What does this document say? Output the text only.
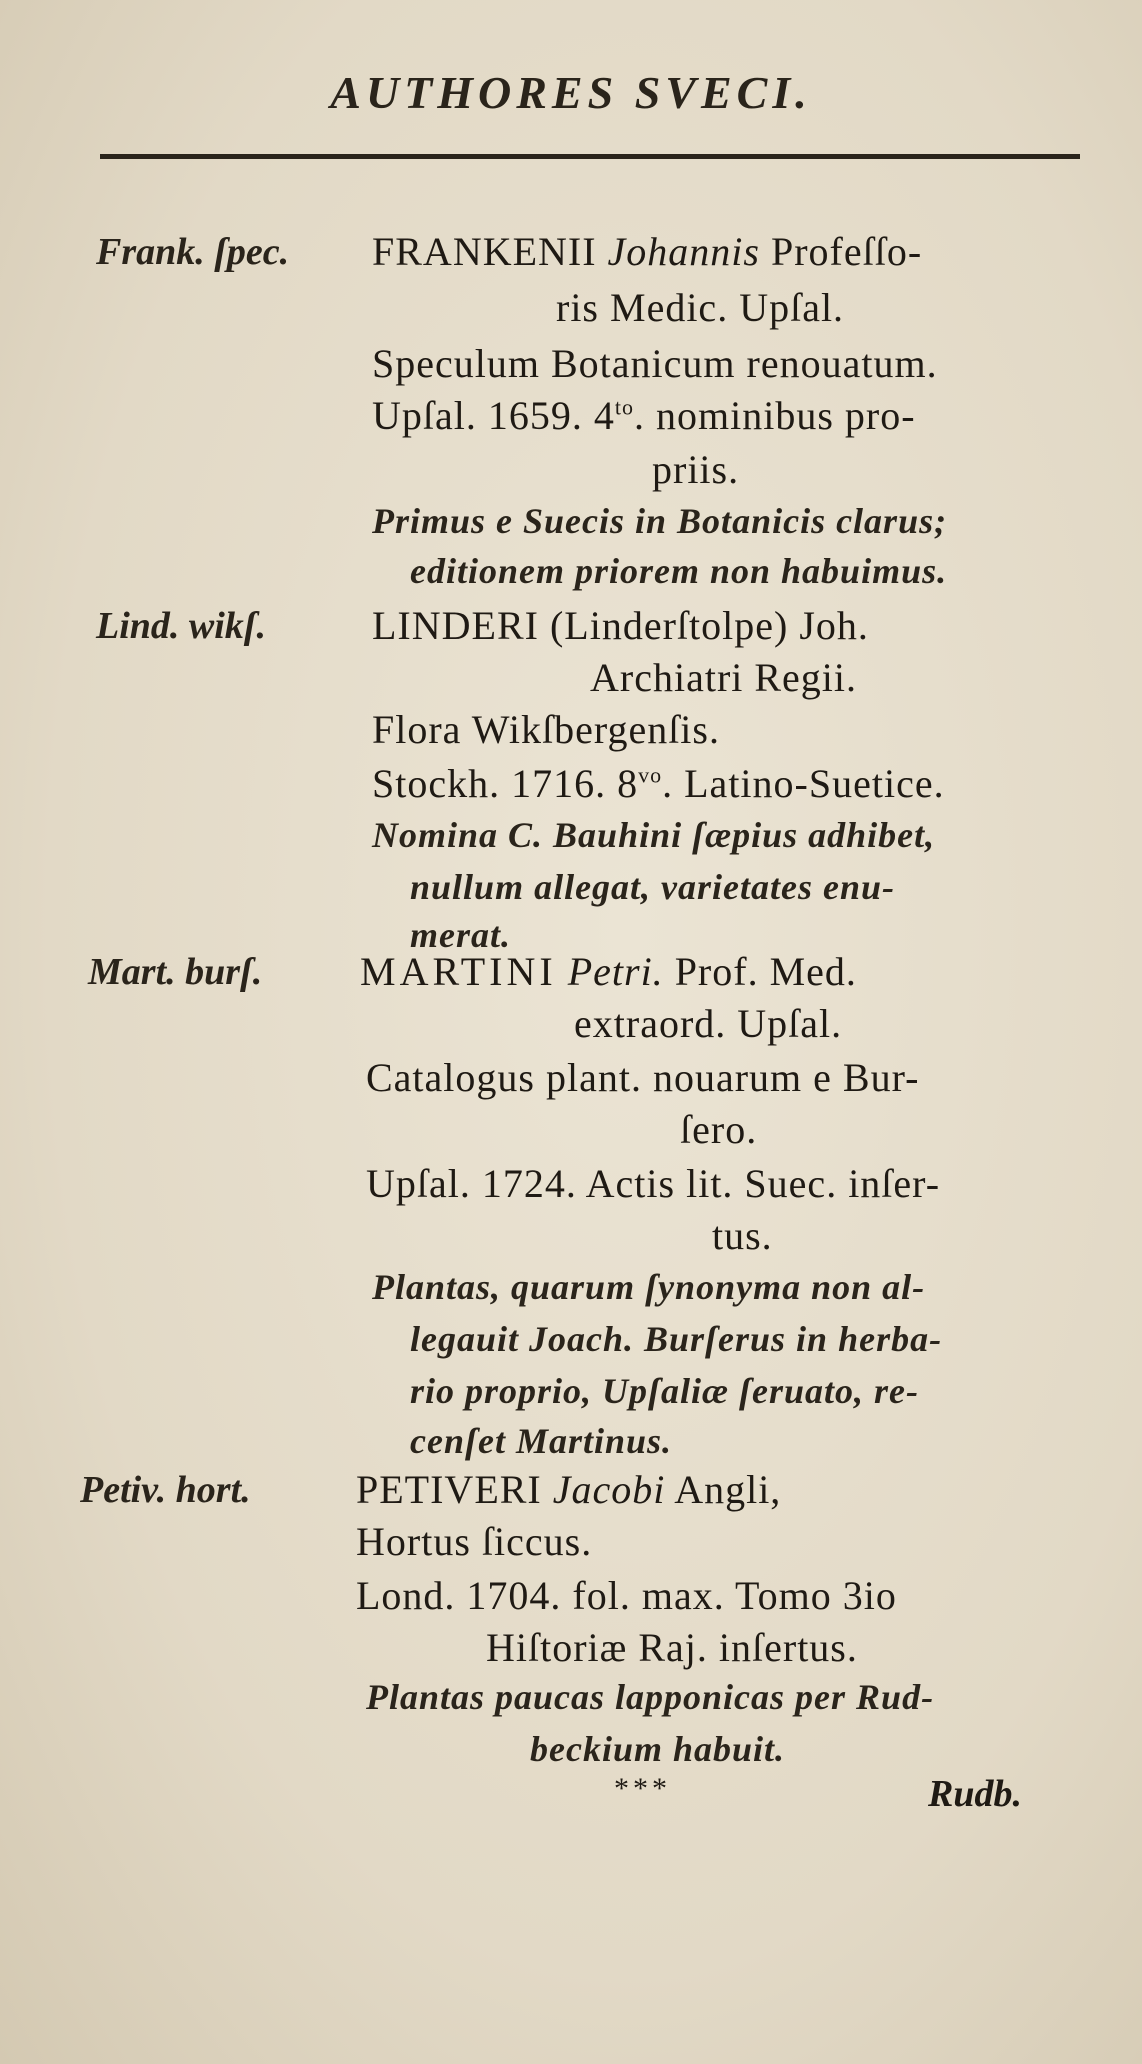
AUTHORES SVECI.
Frank. ſpec. FRANKENII Johannis Profeſſo-
ris Medic. Upſal.
Speculum Botanicum renouatum.
Upſal. 1659. $4^{to}$. nominibus pro-
priis.
Primus e Suecis in Botanicis clarus;
editionem priorem non habuimus.
Lind. wikſ.	LINDERI (Linderſtolpe) Joh.
Archiatri Regii.
Flora Wikſbergenſis.
Stockh. 1716. $8^{vo}$. Latino-Suetice.
Nomina C. Bauhini ſæpius adhibet,
nullum allegat, varietates enu-
merat.
Mart. burſ. MARTINI Petri. Prof. Med.
extraord. Upſal.
Catalogus plant. nouarum e Bur-
ſero.
Upſal. 1724. Actis lit. Suec. inſer-
tus.
Plantas, quarum ſynonyma non al-
legauit Joach. Burſerus in herba-
rio proprio, Upſaliæ ſeruato, re-
cenſet Martinus.
Petiv. hort.	PETIVERI Jacobi Angli,
Hortus ſiccus.
Lond. 1704. fol. max. Tomo 3io
Hiſtoriæ Raj. inſertus.
Plantas paucas lapponicas per Rud-
beckium habuit.
***	Rudb.
